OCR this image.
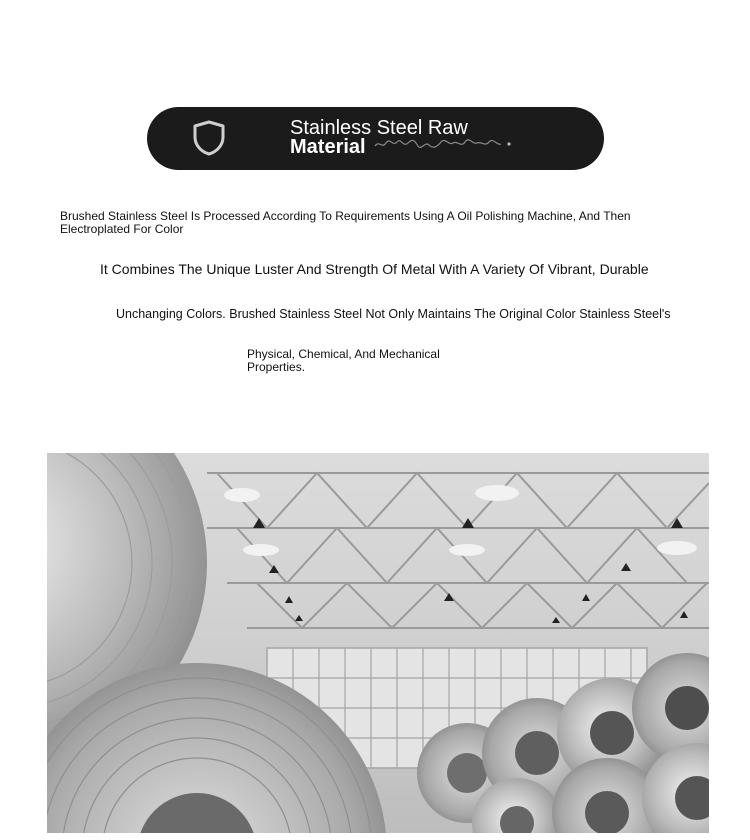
Stainless Steel Raw
Material

Brushed Stainless Steel Is Processed According To Requirements Using A Oil Polishing Machine, And Then Electroplated For Color

It Combines The Unique Luster And Strength Of Metal With A Variety Of Vibrant, Durable

Unchanging Colors. Brushed Stainless Steel Not Only Maintains The Original Color Stainless Steel's

Physical, Chemical, And Mechanical Properties.
